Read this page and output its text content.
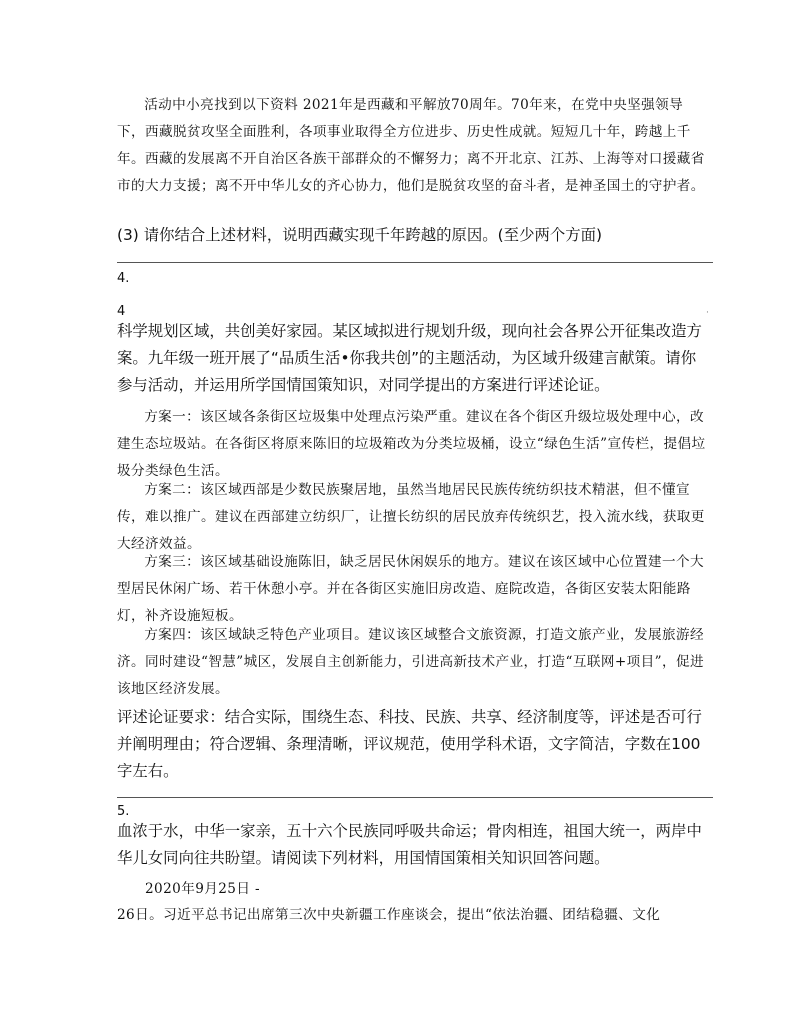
活动中小亮找到以下资料 2021年是西藏和平解放70周年。70年来，在党中央坚强领导下，西藏脱贫攻坚全面胜利，各项事业取得全方位进步、历史性成就。短短几十年，跨越上千年。西藏的发展离不开自治区各族干部群众的不懈努力；离不开北京、江苏、上海等对口援藏省市的大力支援；离不开中华儿女的齐心协力，他们是脱贫攻坚的奋斗者，是神圣国土的守护者。

(3) 请你结合上述材料，说明西藏实现千年跨越的原因。(至少两个方面)

4.

4	·

科学规划区域，共创美好家园。某区域拟进行规划升级，现向社会各界公开征集改造方案。九年级一班开展了“品质生活•你我共创”的主题活动，为区域升级建言献策。请你参与活动，并运用所学国情国策知识，对同学提出的方案进行评述论证。

方案一：该区域各条街区垃圾集中处理点污染严重。建议在各个街区升级垃圾处理中心，改建生态垃圾站。在各街区将原来陈旧的垃圾箱改为分类垃圾桶，设立“绿色生活”宣传栏，提倡垃圾分类绿色生活。

方案二：该区域西部是少数民族聚居地，虽然当地居民民族传统纺织技术精湛，但不懂宣传，难以推广。建议在西部建立纺织厂，让擅长纺织的居民放弃传统织艺，投入流水线，获取更大经济效益。

方案三：该区域基础设施陈旧，缺乏居民休闲娱乐的地方。建议在该区域中心位置建一个大型居民休闲广场、若干休憩小亭。并在各街区实施旧房改造、庭院改造，各街区安装太阳能路灯，补齐设施短板。

方案四：该区域缺乏特色产业项目。建议该区域整合文旅资源，打造文旅产业，发展旅游经济。同时建设“智慧”城区，发展自主创新能力，引进高新技术产业，打造“互联网+项目”，促进该地区经济发展。

评述论证要求：结合实际，围绕生态、科技、民族、共享、经济制度等，评述是否可行并阐明理由；符合逻辑、条理清晰，评议规范，使用学科术语，文字简洁，字数在100字左右。

5.

血浓于水，中华一家亲，五十六个民族同呼吸共命运；骨肉相连，祖国大统一，两岸中华儿女同向往共盼望。请阅读下列材料，用国情国策相关知识回答问题。

2020年9月25日 -

26日。习近平总书记出席第三次中央新疆工作座谈会，提出“依法治疆、团结稳疆、文化
